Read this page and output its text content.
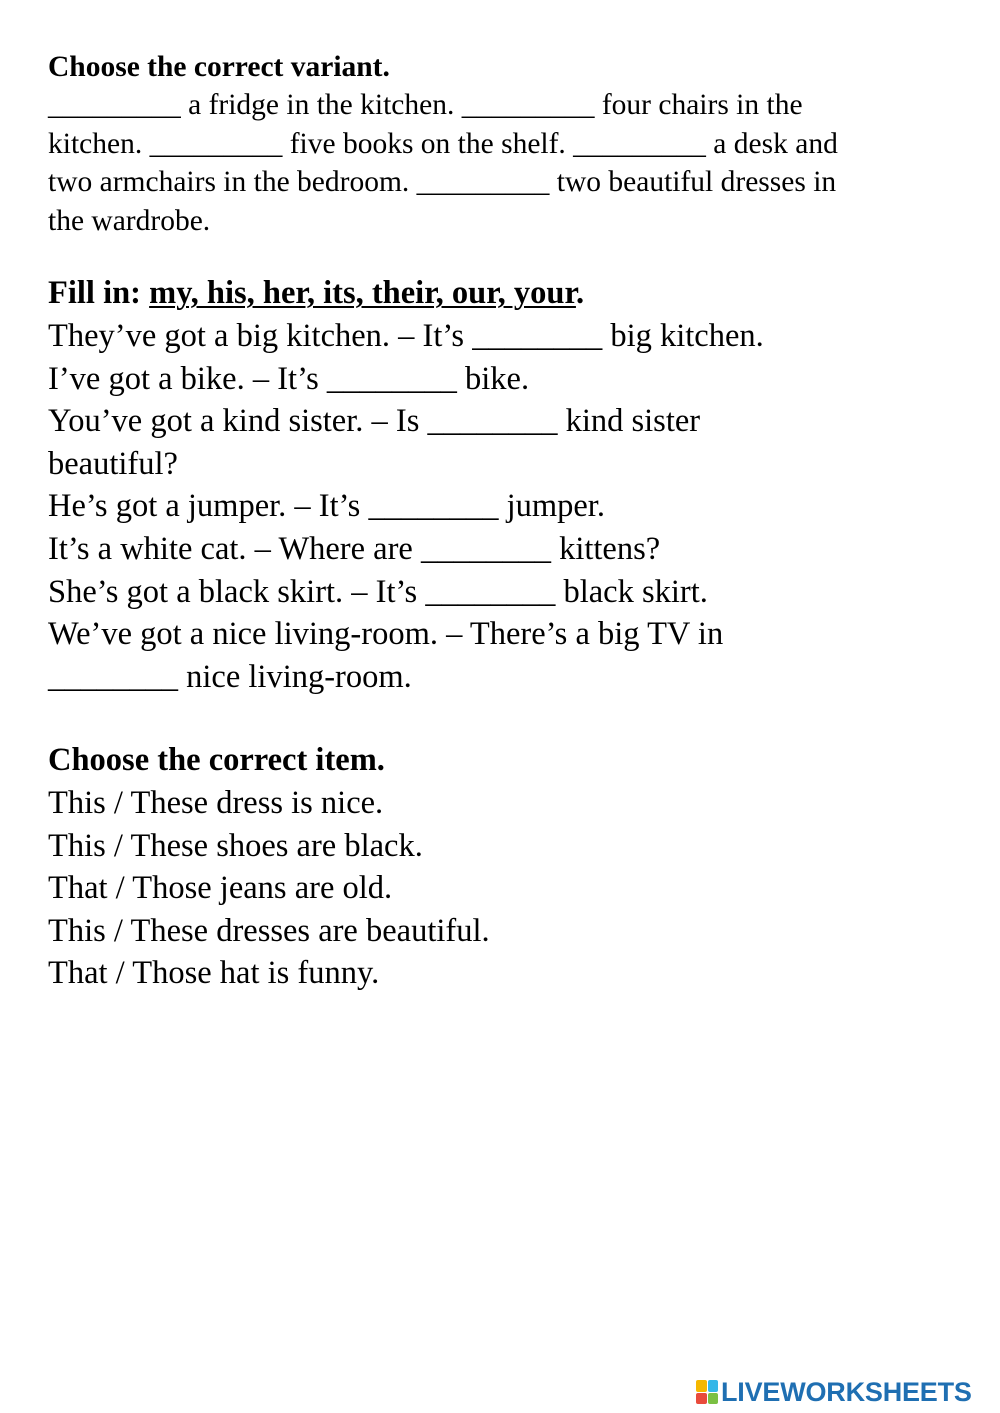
Choose the correct variant.
_________ a fridge in the kitchen. _________ four chairs in the
kitchen. _________ five books on the shelf. _________ a desk and
two armchairs in the bedroom. _________ two beautiful dresses in
the wardrobe.
Fill in: my, his, her, its, their, our, your.
They’ve got a big kitchen. – It’s ________ big kitchen.
I’ve got a bike. – It’s ________ bike.
You’ve got a kind sister. – Is ________ kind sister
beautiful?
He’s got a jumper. – It’s ________ jumper.
It’s a white cat. – Where are ________ kittens?
She’s got a black skirt. – It’s ________ black skirt.
We’ve got a nice living-room. – There’s a big TV in
________ nice living-room.
Choose the correct item.
This / These dress is nice.
This / These shoes are black.
That / Those jeans are old.
This / These dresses are beautiful.
That / Those hat is funny.
LIVEWORKSHEETS
